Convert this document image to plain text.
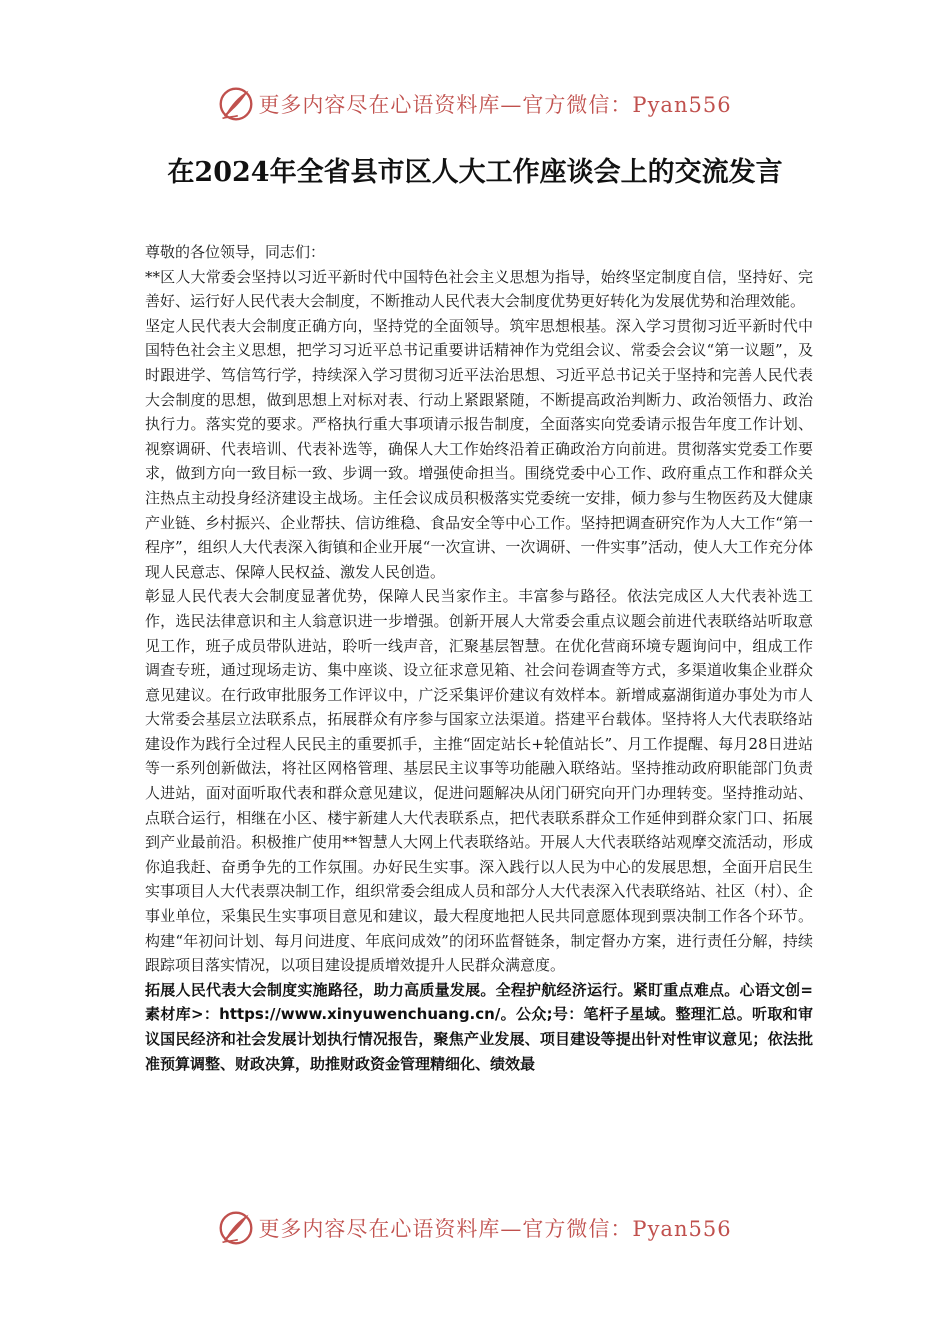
更多内容尽在心语资料库—官方微信：Pyan556
在2024年全省县市区人大工作座谈会上的交流发言

尊敬的各位领导，同志们：

**区人大常委会坚持以习近平新时代中国特色社会主义思想为指导，始终坚定制度自信，坚持好、完善好、运行好人民代表大会制度，不断推动人民代表大会制度优势更好转化为发展优势和治理效能。

坚定人民代表大会制度正确方向，坚持党的全面领导。筑牢思想根基。深入学习贯彻习近平新时代中国特色社会主义思想，把学习习近平总书记重要讲话精神作为党组会议、常委会会议“第一议题”，及时跟进学、笃信笃行学，持续深入学习贯彻习近平法治思想、习近平总书记关于坚持和完善人民代表大会制度的思想，做到思想上对标对表、行动上紧跟紧随，不断提高政治判断力、政治领悟力、政治执行力。落实党的要求。严格执行重大事项请示报告制度，全面落实向党委请示报告年度工作计划、视察调研、代表培训、代表补选等，确保人大工作始终沿着正确政治方向前进。贯彻落实党委工作要求，做到方向一致目标一致、步调一致。增强使命担当。围绕党委中心工作、政府重点工作和群众关注热点主动投身经济建设主战场。主任会议成员积极落实党委统一安排，倾力参与生物医药及大健康产业链、乡村振兴、企业帮扶、信访维稳、食品安全等中心工作。坚持把调查研究作为人大工作“第一程序”，组织人大代表深入街镇和企业开展“一次宣讲、一次调研、一件实事”活动，使人大工作充分体现人民意志、保障人民权益、激发人民创造。

彰显人民代表大会制度显著优势，保障人民当家作主。丰富参与路径。依法完成区人大代表补选工作，选民法律意识和主人翁意识进一步增强。创新开展人大常委会重点议题会前进代表联络站听取意见工作，班子成员带队进站，聆听一线声音，汇聚基层智慧。在优化营商环境专题询问中，组成工作调查专班，通过现场走访、集中座谈、设立征求意见箱、社会问卷调查等方式，多渠道收集企业群众意见建议。在行政审批服务工作评议中，广泛采集评价建议有效样本。新增咸嘉湖街道办事处为市人大常委会基层立法联系点，拓展群众有序参与国家立法渠道。搭建平台载体。坚持将人大代表联络站建设作为践行全过程人民民主的重要抓手，主推“固定站长+轮值站长”、月工作提醒、每月28日进站等一系列创新做法，将社区网格管理、基层民主议事等功能融入联络站。坚持推动政府职能部门负责人进站，面对面听取代表和群众意见建议，促进问题解决从闭门研究向开门办理转变。坚持推动站、点联合运行，相继在小区、楼宇新建人大代表联系点，把代表联系群众工作延伸到群众家门口、拓展到产业最前沿。积极推广使用**智慧人大网上代表联络站。开展人大代表联络站观摩交流活动，形成你追我赶、奋勇争先的工作氛围。办好民生实事。深入践行以人民为中心的发展思想，全面开启民生实事项目人大代表票决制工作，组织常委会组成人员和部分人大代表深入代表联络站、社区（村）、企事业单位，采集民生实事项目意见和建议，最大程度地把人民共同意愿体现到票决制工作各个环节。构建“年初问计划、每月问进度、年底问成效”的闭环监督链条，制定督办方案，进行责任分解，持续跟踪项目落实情况，以项目建设提质增效提升人民群众满意度。

拓展人民代表大会制度实施路径，助力高质量发展。全程护航经济运行。紧盯重点难点。心语文创=素材库>：https://www.xinyuwenchuang.cn/。公众;号：笔杆子星域。整理汇总。听取和审议国民经济和社会发展计划执行情况报告，聚焦产业发展、项目建设等提出针对性审议意见；依法批准预算调整、财政决算，助推财政资金管理精细化、绩效最

更多内容尽在心语资料库—官方微信：Pyan556
